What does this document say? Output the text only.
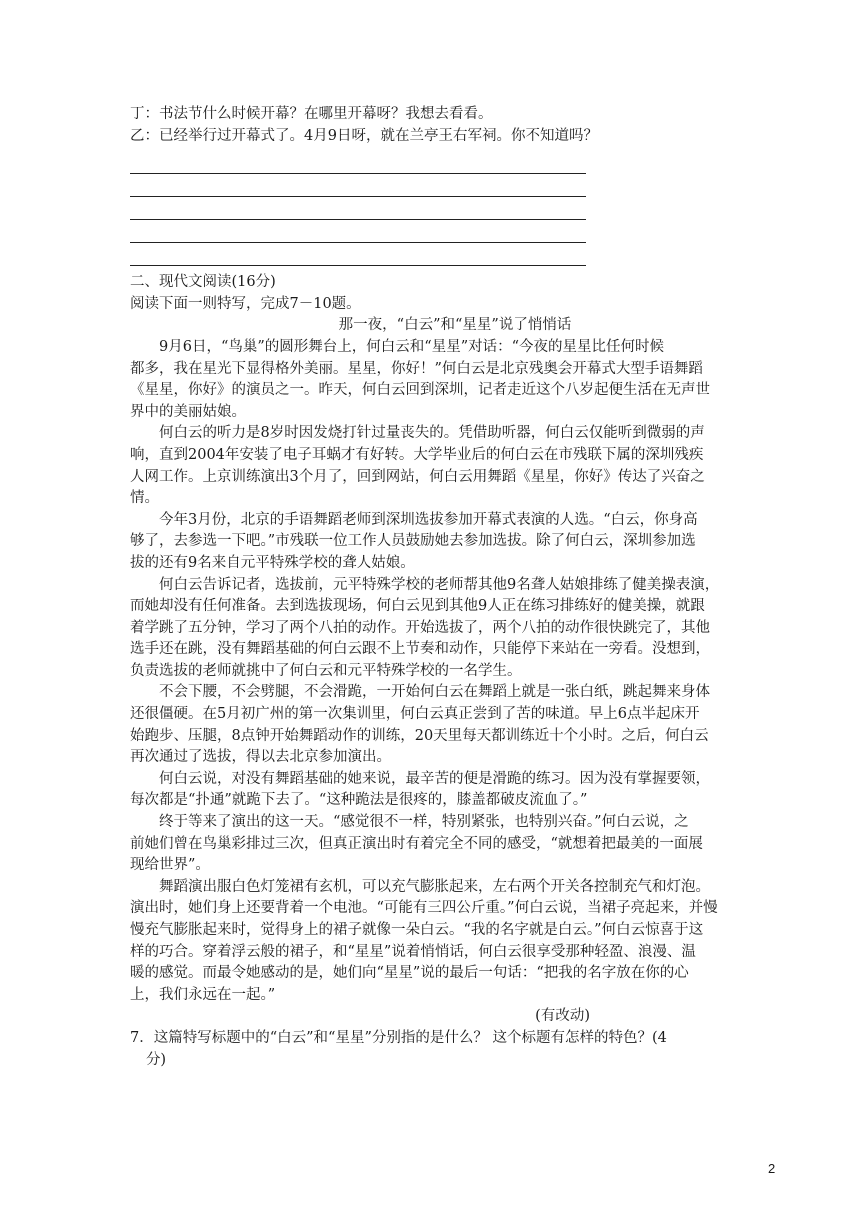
丁：书法节什么时候开幕？在哪里开幕呀？我想去看看。
乙：已经举行过开幕式了。4月9日呀，就在兰亭王右军祠。你不知道吗？
二、现代文阅读(16分)
阅读下面一则特写，完成7－10题。
那一夜，“白云”和“星星”说了悄悄话
9月6日，“鸟巢”的圆形舞台上，何白云和“星星”对话：“今夜的星星比任何时候
都多，我在星光下显得格外美丽。星星，你好！”何白云是北京残奥会开幕式大型手语舞蹈
《星星，你好》的演员之一。昨天，何白云回到深圳，记者走近这个八岁起便生活在无声世
界中的美丽姑娘。
何白云的听力是8岁时因发烧打针过量丧失的。凭借助听器，何白云仅能听到微弱的声
响，直到2004年安装了电子耳蜗才有好转。大学毕业后的何白云在市残联下属的深圳残疾
人网工作。上京训练演出3个月了，回到网站，何白云用舞蹈《星星，你好》传达了兴奋之
情。
今年3月份，北京的手语舞蹈老师到深圳选拔参加开幕式表演的人选。“白云，你身高
够了，去参选一下吧。”市残联一位工作人员鼓励她去参加选拔。除了何白云，深圳参加选
拔的还有9名来自元平特殊学校的聋人姑娘。
何白云告诉记者，选拔前，元平特殊学校的老师帮其他9名聋人姑娘排练了健美操表演，
而她却没有任何准备。去到选拔现场，何白云见到其他9人正在练习排练好的健美操，就跟
着学跳了五分钟，学习了两个八拍的动作。开始选拔了，两个八拍的动作很快跳完了，其他
选手还在跳，没有舞蹈基础的何白云跟不上节奏和动作，只能停下来站在一旁看。没想到，
负责选拔的老师就挑中了何白云和元平特殊学校的一名学生。
不会下腰，不会劈腿，不会滑跪，一开始何白云在舞蹈上就是一张白纸，跳起舞来身体
还很僵硬。在5月初广州的第一次集训里，何白云真正尝到了苦的味道。早上6点半起床开
始跑步、压腿，8点钟开始舞蹈动作的训练，20天里每天都训练近十个小时。之后，何白云
再次通过了选拔，得以去北京参加演出。
何白云说，对没有舞蹈基础的她来说，最辛苦的便是滑跪的练习。因为没有掌握要领，
每次都是“扑通”就跪下去了。“这种跪法是很疼的，膝盖都破皮流血了。”
终于等来了演出的这一天。“感觉很不一样，特别紧张，也特别兴奋。”何白云说，之
前她们曾在鸟巢彩排过三次，但真正演出时有着完全不同的感受，“就想着把最美的一面展
现给世界”。
舞蹈演出服白色灯笼裙有玄机，可以充气膨胀起来，左右两个开关各控制充气和灯泡。
演出时，她们身上还要背着一个电池。“可能有三四公斤重。”何白云说，当裙子亮起来，并慢
慢充气膨胀起来时，觉得身上的裙子就像一朵白云。“我的名字就是白云。”何白云惊喜于这
样的巧合。穿着浮云般的裙子，和“星星”说着悄悄话，何白云很享受那种轻盈、浪漫、温
暖的感觉。而最令她感动的是，她们向“星星”说的最后一句话：“把我的名字放在你的心
上，我们永远在一起。”
(有改动)
7．这篇特写标题中的“白云”和“星星”分别指的是什么？ 这个标题有怎样的特色？(4
分)
2
